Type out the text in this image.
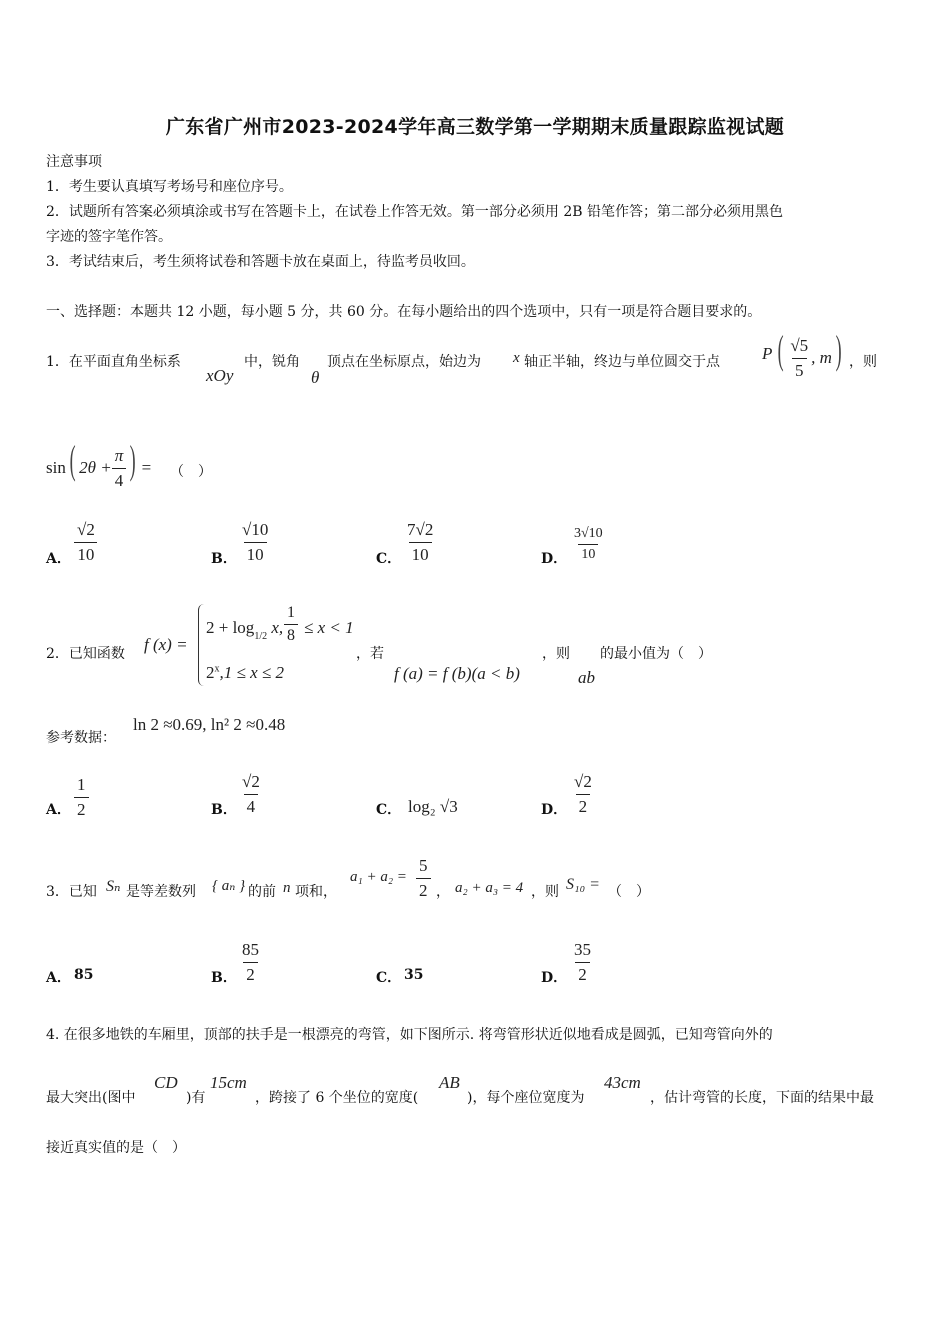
广东省广州市2023-2024学年高三数学第一学期期末质量跟踪监视试题
注意事项
1．考生要认真填写考场号和座位序号。
2．试题所有答案必须填涂或书写在答题卡上，在试卷上作答无效。第一部分必须用 2B 铅笔作答；第二部分必须用黑色
字迹的签字笔作答。
3．考试结束后，考生须将试卷和答题卡放在桌面上，待监考员收回。
一、选择题：本题共 12 小题，每小题 5 分，共 60 分。在每小题给出的四个选项中，只有一项是符合题目要求的。
1．在平面直角坐标系
xOy
中，锐角
θ
顶点在坐标原点，始边为 x 轴正半轴，终边与单位圆交于点 P ( $\frac{√5}{5}$ , m) ，则
sin( $2\theta + \frac{\pi}{4}$ ) = （　）
A． $\frac{√2}{10}$	B． $\frac{√10}{10}$	C． $\frac{7√2}{10}$	D． $\frac{3√10}{10}$
2．已知函数 f (x) =
$2 + \log_{1/2} x$, $\frac{1}{8} \le x < 1$
$2^x,1 \le x \le 2$
，若
f (a) = f (b)(a < b)
，则
ab
的最小值为（　）
参考数据：
ln 2 ≈0.69, ln² 2 ≈0.48
A． $\frac{1}{2}$	B． $\frac{√2}{4}$	C． log₂ √3	D． $\frac{√2}{2}$
3．已知 Sₙ 是等差数列 { aₙ } 的前 n 项和，
$a_1 + a_2 = \frac{5}{2}$ ， a₂ + a₃ = 4 ，则 S₁₀ = （　）
A． 85	B． $\frac{85}{2}$	C． 35	D． $\frac{35}{2}$
4. 在很多地铁的车厢里，顶部的扶手是一根漂亮的弯管，如下图所示. 将弯管形状近似地看成是圆弧，已知弯管向外的
最大突出(图中
CD
)有
15cm
，跨接了 6 个坐位的宽度(
AB
)，每个座位宽度为
43cm
，估计弯管的长度，下面的结果中最
接近真实值的是（　）
